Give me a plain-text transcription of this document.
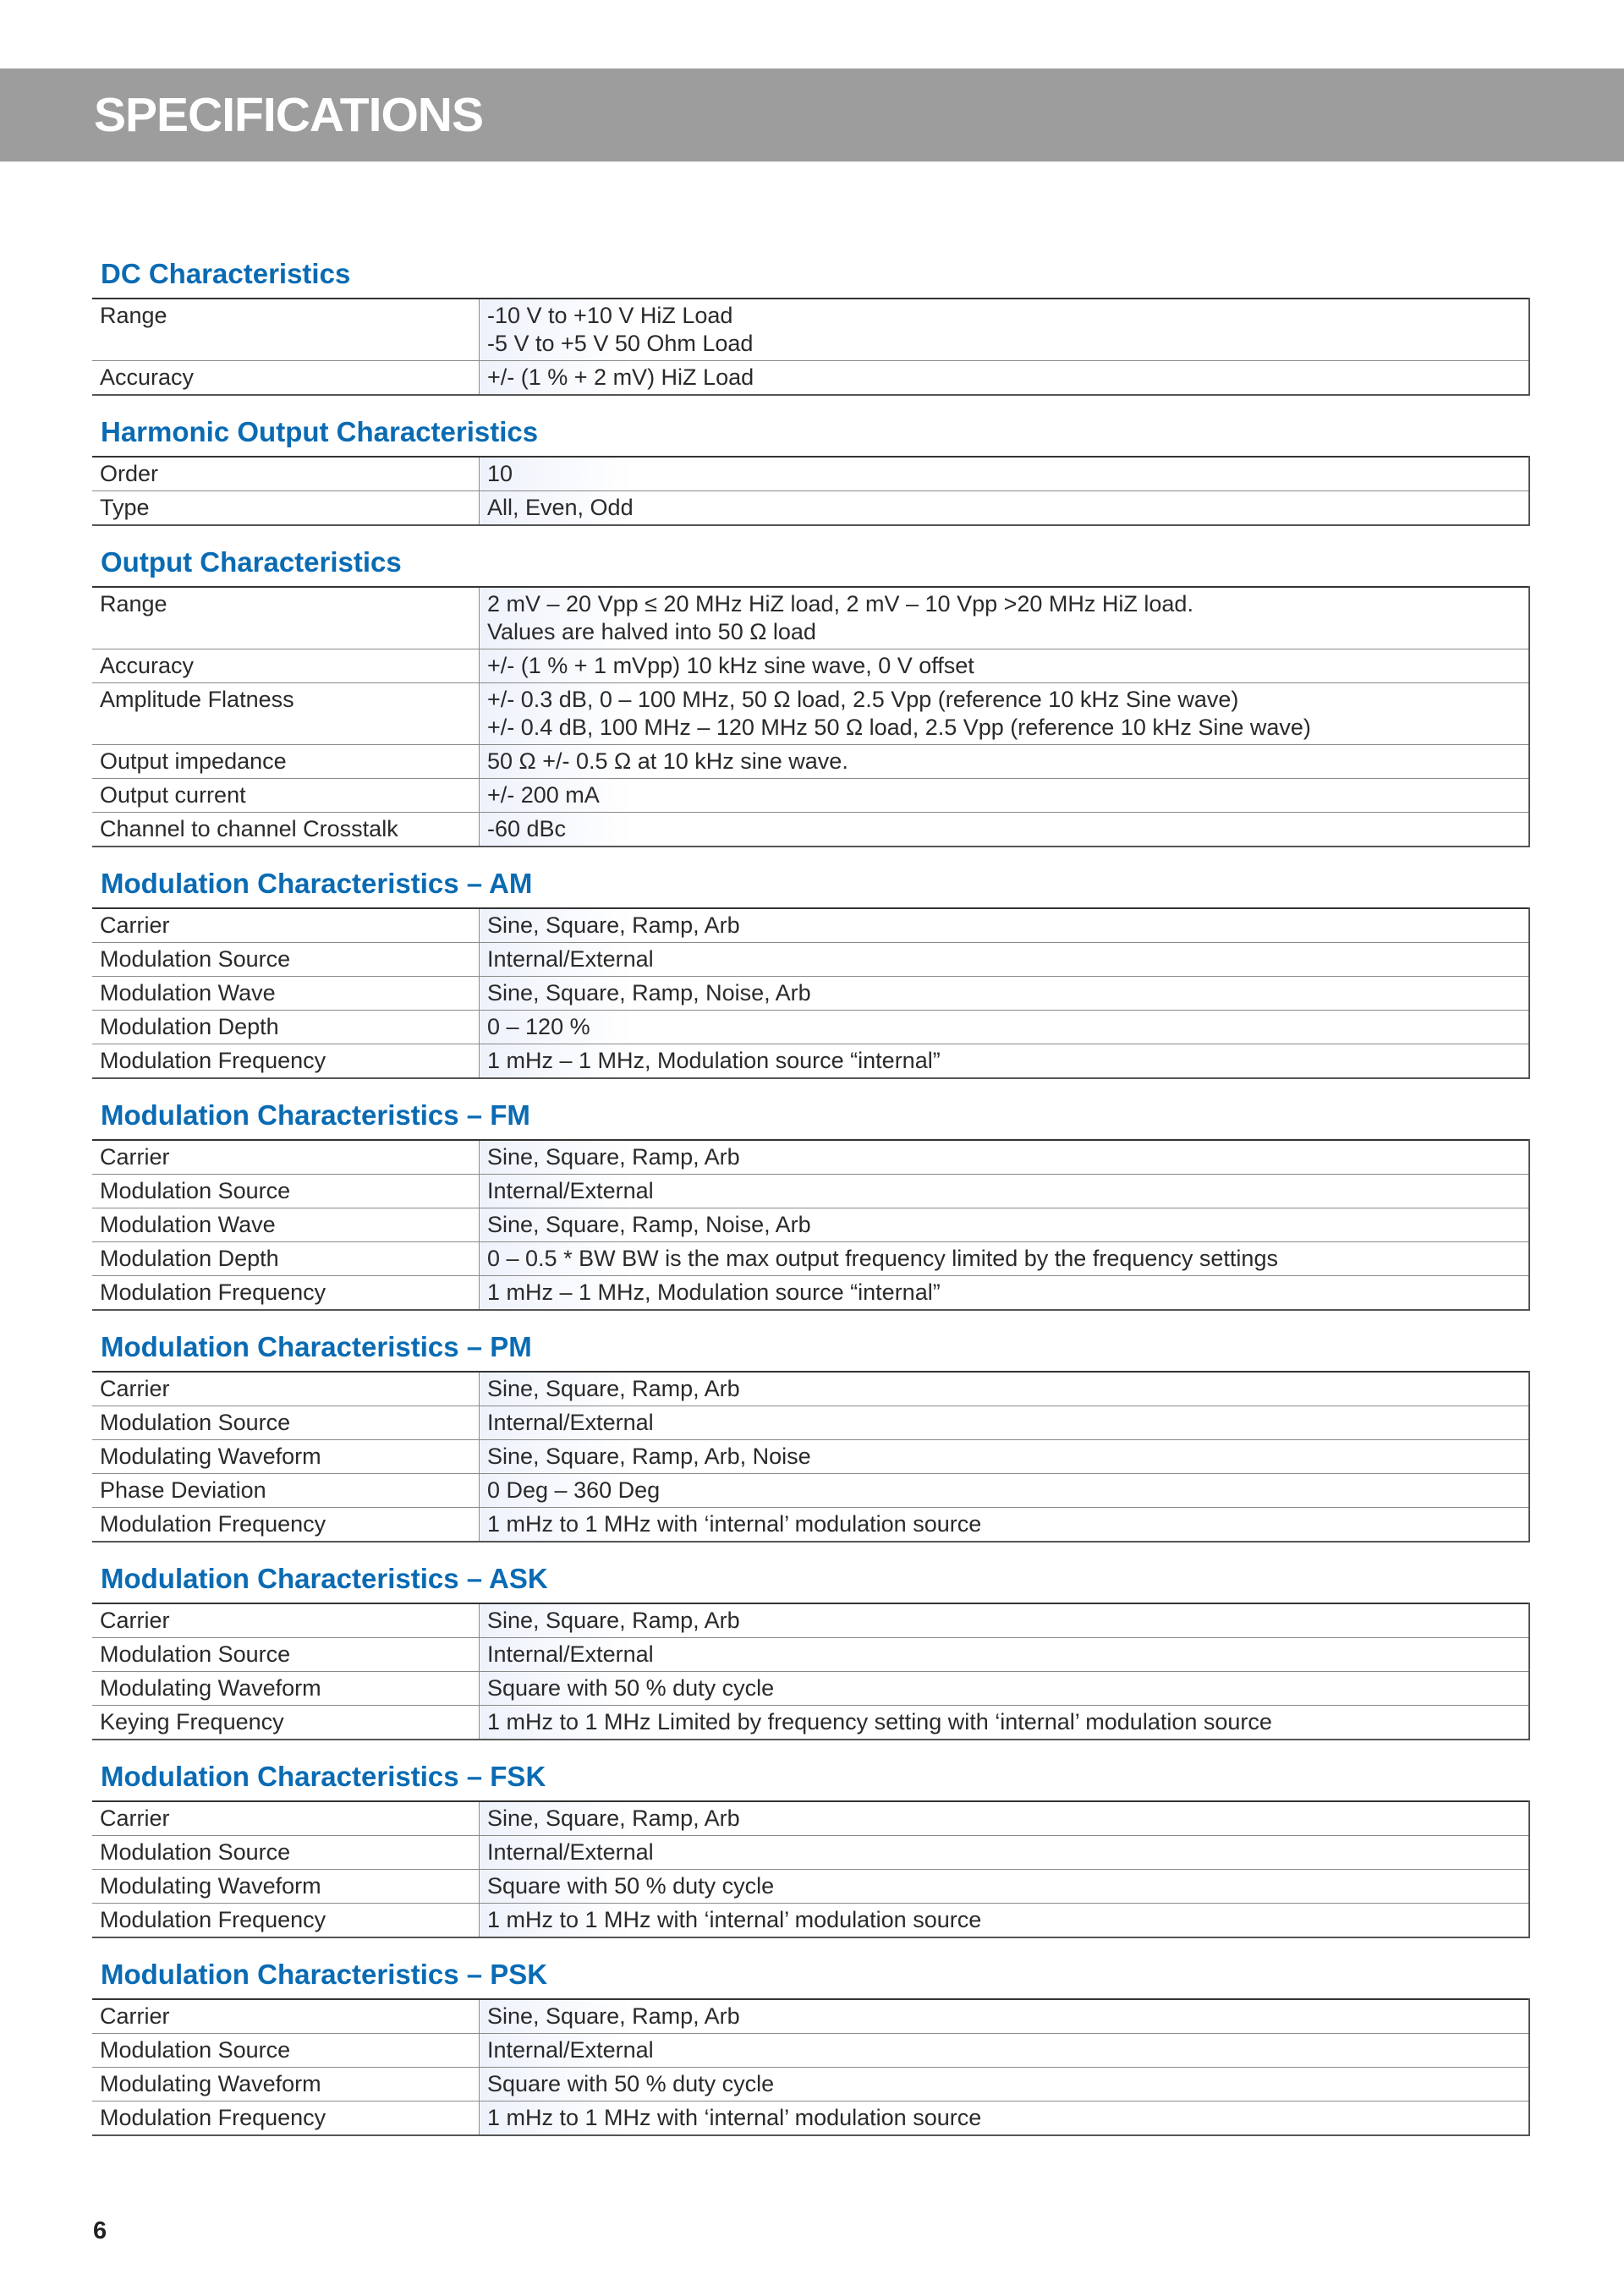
SPECIFICATIONS
DC Characteristics
Range	-10 V to +10 V HiZ Load
-5 V to +5 V 50 Ohm Load

Accuracy	+/- (1 % + 2 mV) HiZ Load
Harmonic Output Characteristics
Order	10

Type	All, Even, Odd
Output Characteristics
Range	2 mV – 20 Vpp ≤ 20 MHz HiZ load, 2 mV – 10 Vpp >20 MHz HiZ load.
Values are halved into 50 Ω load

Accuracy	+/- (1 % + 1 mVpp) 10 kHz sine wave, 0 V offset

Amplitude Flatness	+/- 0.3 dB, 0 – 100 MHz, 50 Ω load, 2.5 Vpp (reference 10 kHz Sine wave)
+/- 0.4 dB, 100 MHz – 120 MHz 50 Ω load, 2.5 Vpp (reference 10 kHz Sine wave)

Output impedance	50 Ω +/- 0.5 Ω at 10 kHz sine wave.

Output current	+/- 200 mA

Channel to channel Crosstalk	-60 dBc
Modulation Characteristics – AM
Carrier	Sine, Square, Ramp, Arb

Modulation Source	Internal/External

Modulation Wave	Sine, Square, Ramp, Noise, Arb

Modulation Depth	0 – 120 %

Modulation Frequency	1 mHz – 1 MHz, Modulation source “internal”
Modulation Characteristics – FM
Carrier	Sine, Square, Ramp, Arb

Modulation Source	Internal/External

Modulation Wave	Sine, Square, Ramp, Noise, Arb

Modulation Depth	0 – 0.5 * BW BW is the max output frequency limited by the frequency settings

Modulation Frequency	1 mHz – 1 MHz, Modulation source “internal”
Modulation Characteristics – PM
Carrier	Sine, Square, Ramp, Arb

Modulation Source	Internal/External

Modulating Waveform	Sine, Square, Ramp, Arb, Noise

Phase Deviation	0 Deg – 360 Deg

Modulation Frequency	1 mHz to 1 MHz with ‘internal’ modulation source
Modulation Characteristics – ASK
Carrier	Sine, Square, Ramp, Arb

Modulation Source	Internal/External

Modulating Waveform	Square with 50 % duty cycle

Keying Frequency	1 mHz to 1 MHz Limited by frequency setting with ‘internal’ modulation source
Modulation Characteristics – FSK
Carrier	Sine, Square, Ramp, Arb

Modulation Source	Internal/External

Modulating Waveform	Square with 50 % duty cycle

Modulation Frequency	1 mHz to 1 MHz with ‘internal’ modulation source
Modulation Characteristics – PSK
Carrier	Sine, Square, Ramp, Arb

Modulation Source	Internal/External

Modulating Waveform	Square with 50 % duty cycle

Modulation Frequency	1 mHz to 1 MHz with ‘internal’ modulation source
6
